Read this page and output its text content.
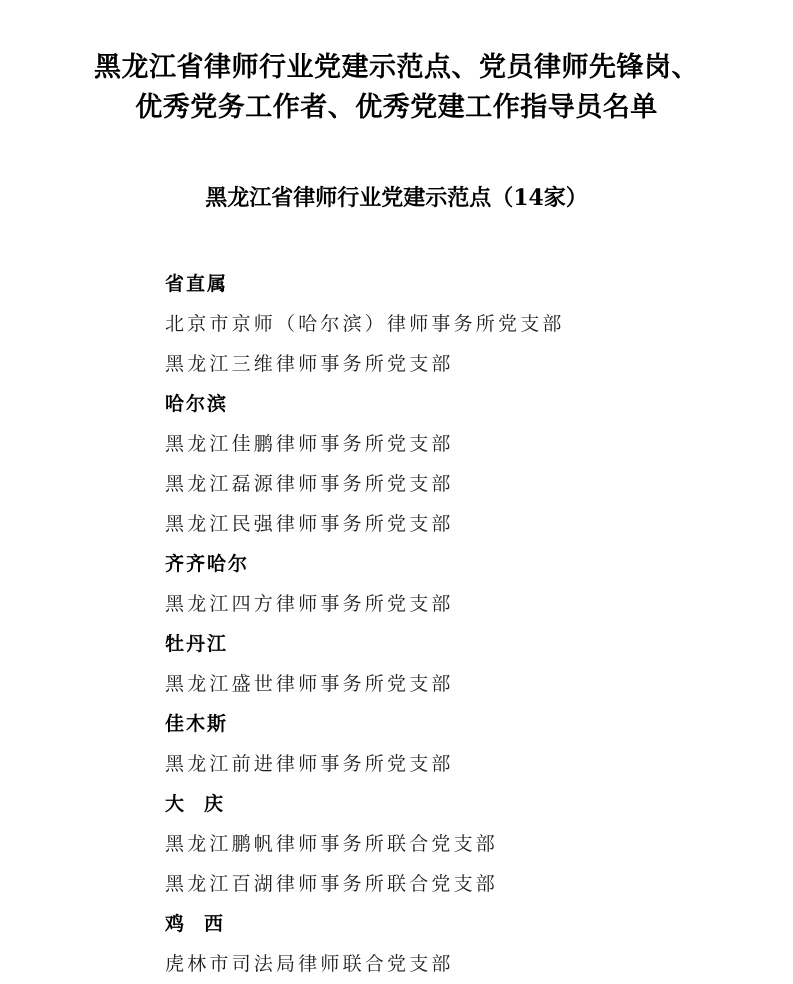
黑龙江省律师行业党建示范点、党员律师先锋岗、
优秀党务工作者、优秀党建工作指导员名单
黑龙江省律师行业党建示范点（14家）
省直属
北京市京师（哈尔滨）律师事务所党支部
黑龙江三维律师事务所党支部
哈尔滨
黑龙江佳鹏律师事务所党支部
黑龙江磊源律师事务所党支部
黑龙江民强律师事务所党支部
齐齐哈尔
黑龙江四方律师事务所党支部
牡丹江
黑龙江盛世律师事务所党支部
佳木斯
黑龙江前进律师事务所党支部
大庆
黑龙江鹏帆律师事务所联合党支部
黑龙江百湖律师事务所联合党支部
鸡西
虎林市司法局律师联合党支部
